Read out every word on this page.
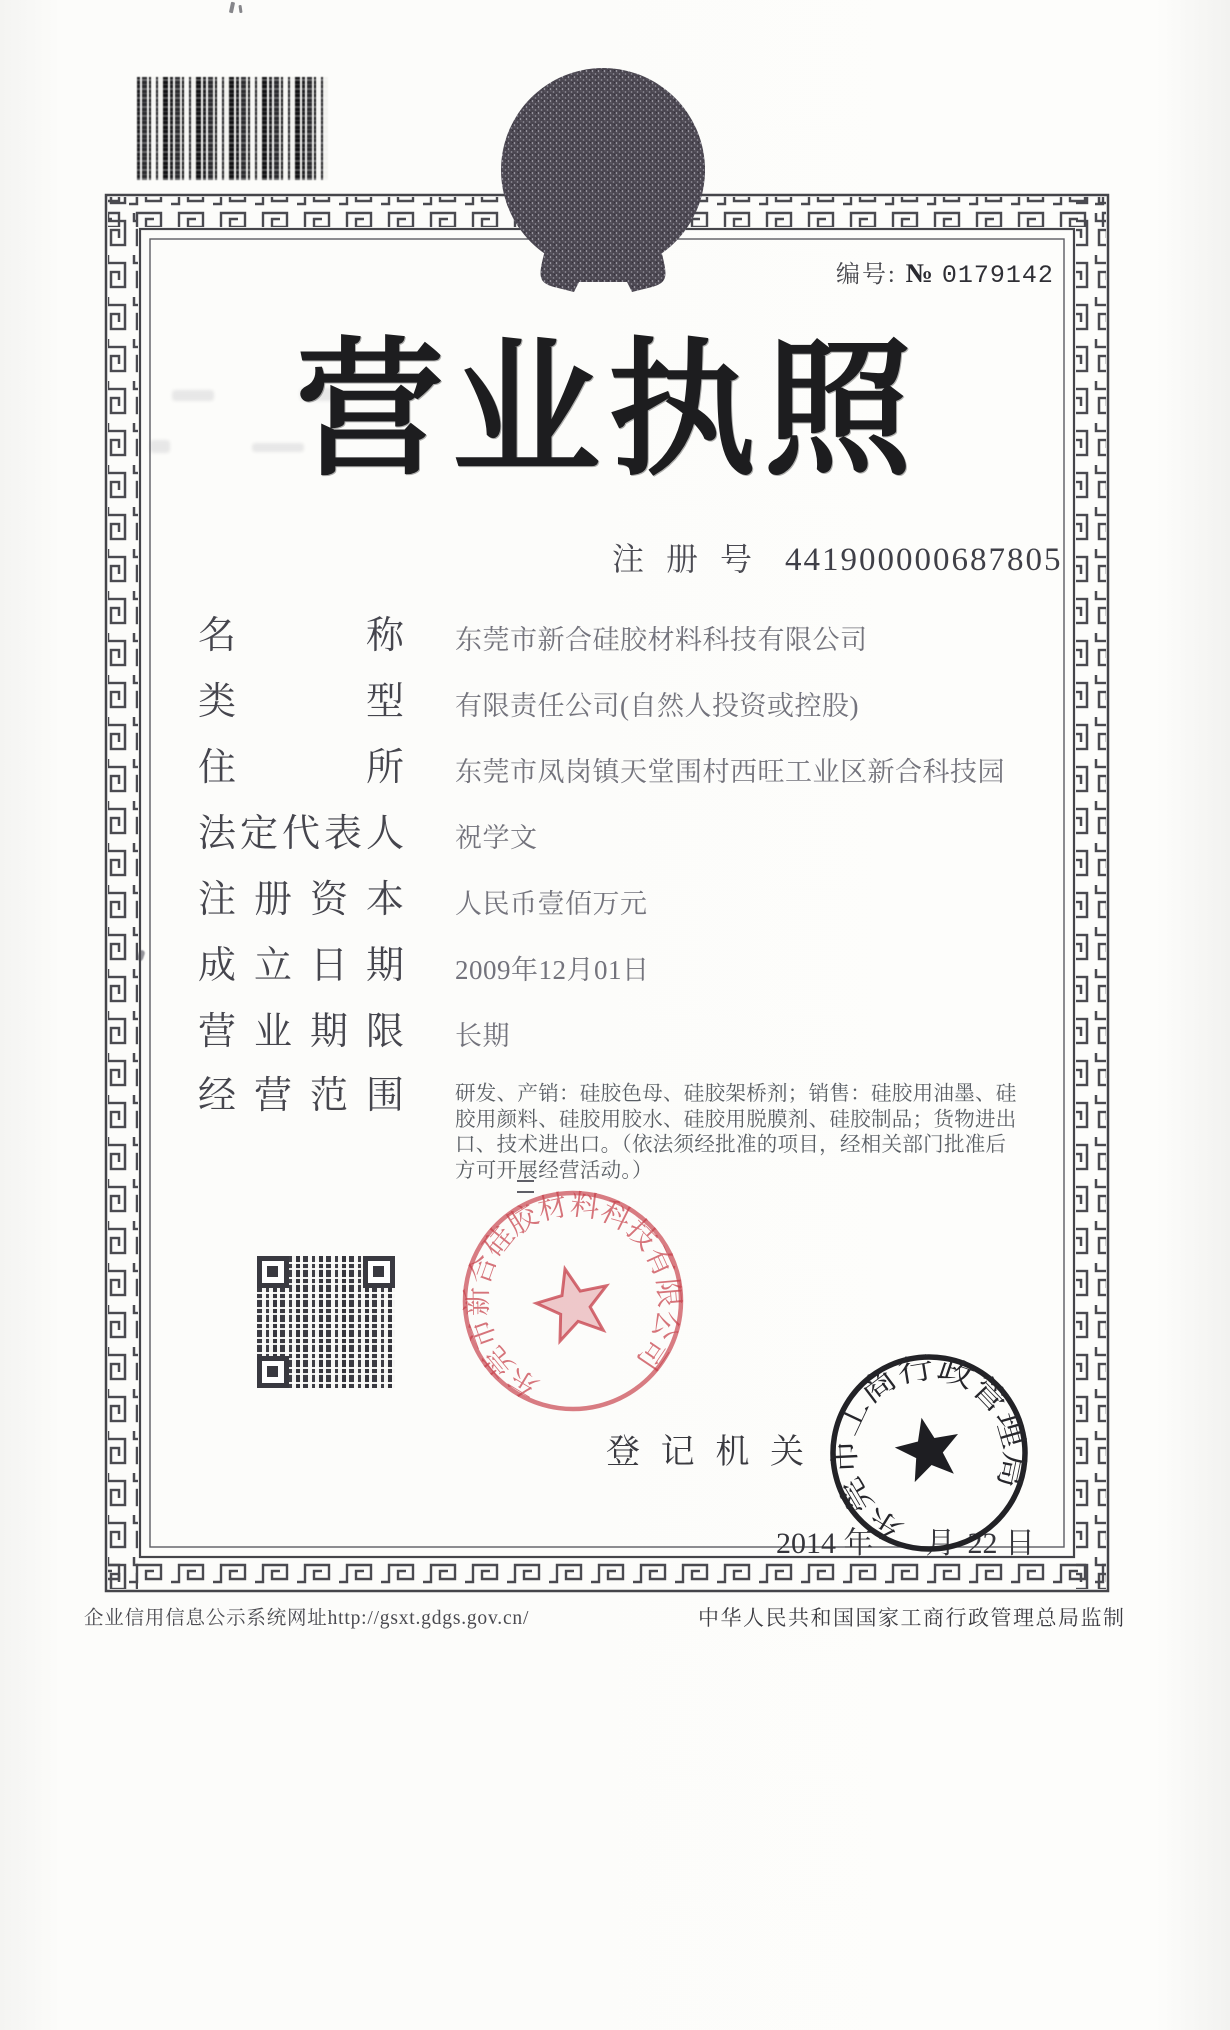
编号: № 0179142
营 业 执 照
注 册 号 441900000687805
名	称 东莞市新合硅胶材料科技有限公司
类	型 有限责任公司(自然人投资或控股)
住	所 东莞市凤岗镇天堂围村西旺工业区新合科技园
法 定 代 表 人 祝学文
注 册 资 本 人民币壹佰万元
成 立 日 期 2009年12月01日
营 业 期 限 长期
经 营 范 围 研发、产销：硅胶色母、硅胶架桥剂；销售：硅胶用油墨、硅胶用颜料、硅胶用胶水、硅胶用脱膜剂、硅胶制品；货物进出口、技术进出口。（依法须经批准的项目，经相关部门批准后方可开展经营活动。）
东莞市新合硅胶材料科技有限公司
登 记 机 关

2014 年 月 22 日

东莞市工商行政管理局
企业信用信息公示系统网址http://gsxt.gdgs.gov.cn/	中华人民共和国国家工商行政管理总局监制
